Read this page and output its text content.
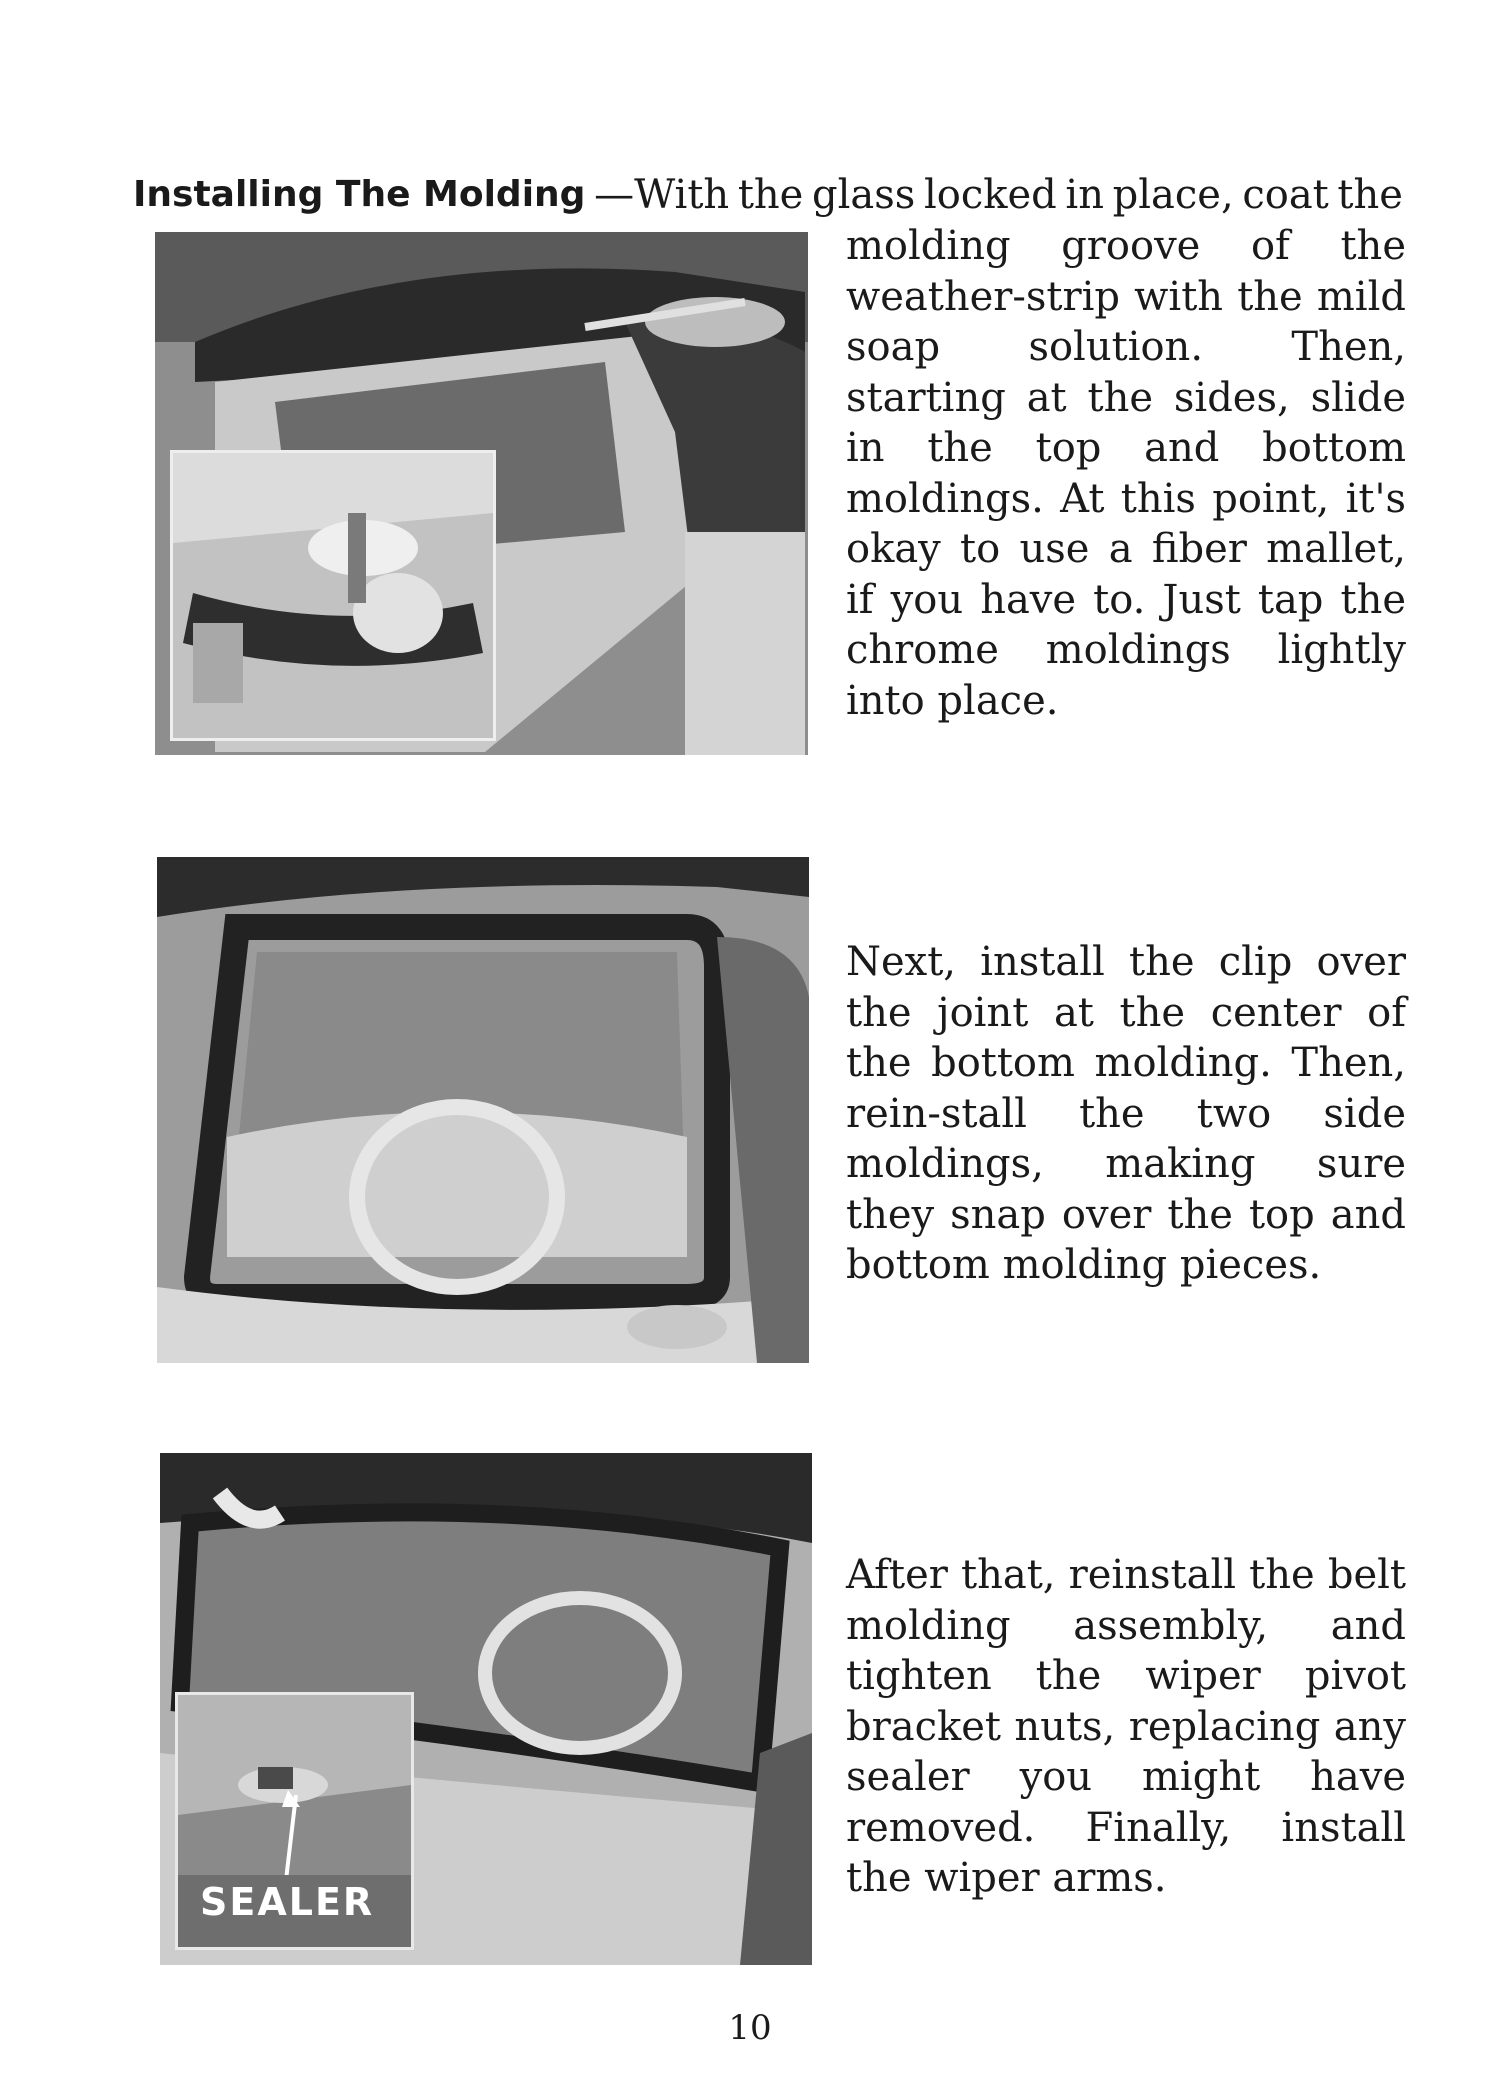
Installing The Molding —With the glass locked in place, coat the
molding groove of the weather-strip with the mild soap solution. Then, starting at the sides, slide in the top and bottom moldings. At this point, it's okay to use a fiber mallet, if you have to. Just tap the chrome moldings lightly into place.
Next, install the clip over the joint at the center of the bottom molding. Then, rein-stall the two side moldings, making sure they snap over the top and bottom molding pieces.
SEALER
After that, reinstall the belt molding assembly, and tighten the wiper pivot bracket nuts, replacing any sealer you might have removed. Finally, install the wiper arms.
10
